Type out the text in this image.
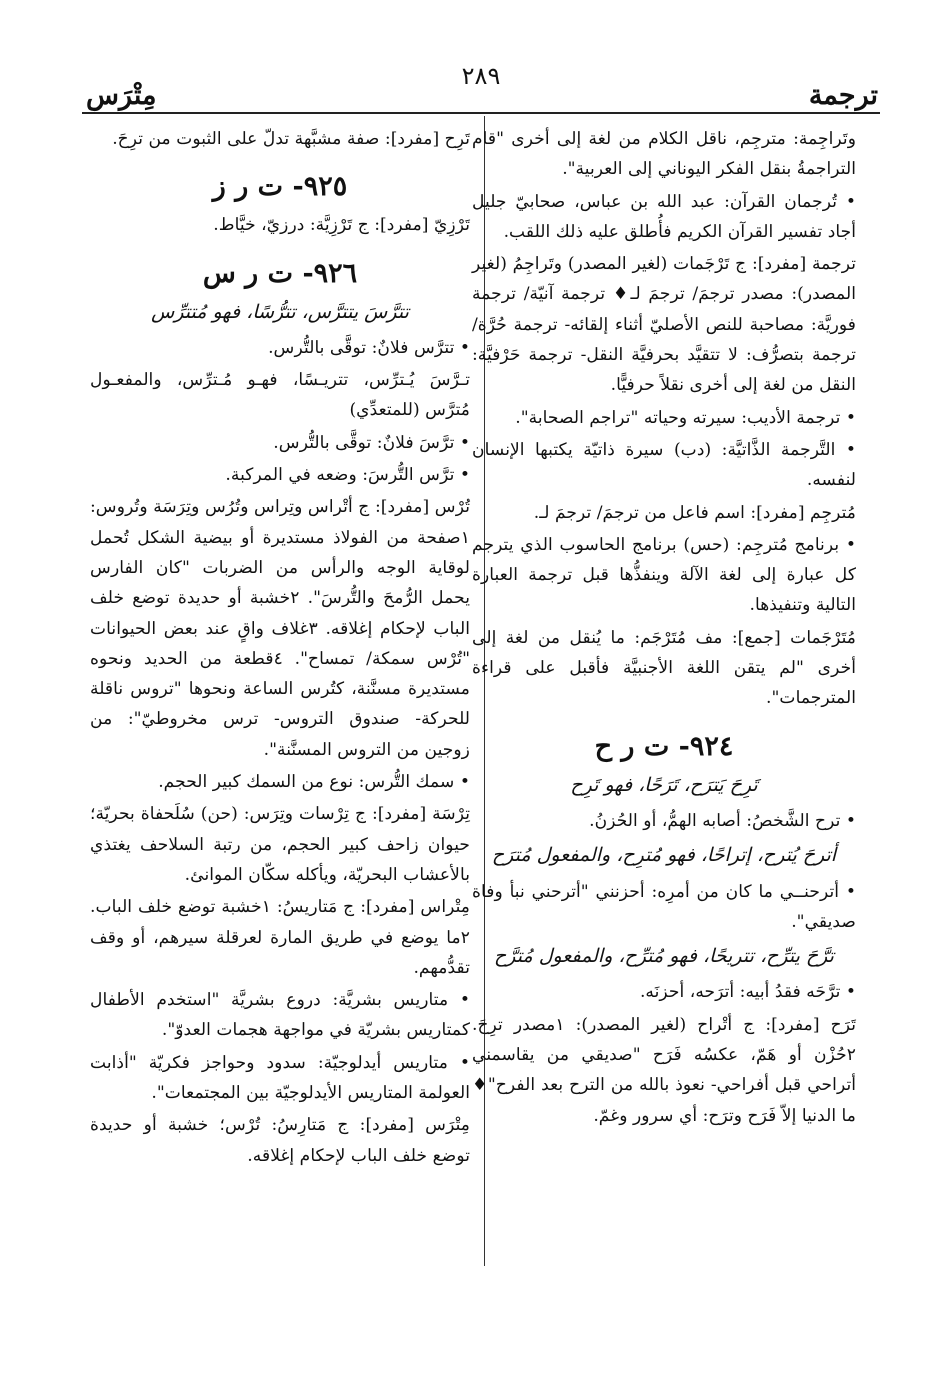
ترجمة
٢٨٩
مِتْرَس
وتَراجِمة: مترجِم، ناقل الكلام من لغة إلى أخرى "قام التراجمةُ بنقل الفكر اليوناني إلى العربية".
• تُرجمان القرآن: عبد الله بن عباس، صحابيّ جليل أجاد تفسير القرآن الكريم فأُطلق عليه ذلك اللقب.
ترجمة [مفرد]: ج تَرْجَمات (لغير المصدر) وتَراجِمُ (لغير المصدر): مصدر ترجمَ/ ترجمَ لـ♦ ترجمة آنيّة/ ترجمة فوريَّة: مصاحبة للنص الأصليّ أثناء إلقائه- ترجمة حُرَّة/ ترجمة بتصرُّف: لا تتقيَّد بحرفيَّة النقل- ترجمة حَرْفيَّة: النقل من لغة إلى أخرى نقلاً حرفيًّا.
• ترجمة الأديب: سيرته وحياته "تراجم الصحابة".
• التَّرجمة الذَّاتيَّة: (دب) سيرة ذاتيّة يكتبها الإنسان لنفسه.
مُترجِم [مفرد]: اسم فاعل من ترجمَ/ ترجمَ لـ.
• برنامج مُترجِم: (حس) برنامج الحاسوب الذي يترجم كل عبارة إلى لغة الآلة وينفذُّها قبل ترجمة العبارة التالية وتنفيذها.
مُتَرْجَمات [جمع]: مف مُتَرْجَم: ما يُنقل من لغة إلى أخرى "لم يتقن اللغة الأجنبيَّة فأقبل على قراءة المترجمات".
٩٢٤- ت ر ح
تَرِحَ يَترَح، تَرَحًا، فهو تَرِح
• ترح الشَّخصُ: أصابه الهمُّ، أو الحُزنُ.
أترحَ يُترح، إتراحًا، فهو مُترِح، والمفعول مُترَح
• أترحنــي ما كان من أمرِه: أحزنني "أترحني نبأ وفاة صديقي".
ترَّحَ يترِّح، تتريحًا، فهو مُترِّح، والمفعول مُترَّح
• ترَّحَه فقدُ أبيه: أترَحه، أحزنَه.
تَرَح [مفرد]: ج أتْراح (لغير المصدر): ١مصدر ترِحَ. ٢حُزْن أو هَمّ، عكسُه فَرَح "صديقي من يقاسمني أتراحي قبل أفراحي- نعوذ بالله من الترح بعد الفرح"♦ ما الدنيا إلاّ فَرَح وترَح: أي سرور وغمّ.
تَرِح [مفرد]: صفة مشبَّهة تدلّ على الثبوت من ترِحَ.
٩٢٥- ت ر ز
تَرْزِيّ [مفرد]: ج تَرْزِيَّة: درزيّ، خيَّاط.
٩٢٦- ت ر س
تترَّسَ يتترَّس، تترُّسًا، فهو مُتترِّس
• تترَّس فلانٌ: توقَّى بالتُّرس.
تـرَّسَ يُـترِّس، تتريـسًا، فهـو مُـترِّس، والمفعـول مُترَّس (للمتعدِّي)
• ترَّسَ فلانٌ: توقَّى بالتُّرس.
• ترَّس التُّرسَ: وضعه في المركبة.
تُرْس [مفرد]: ج أتْراس وتِراس وتُرُس وتِرَسَة وتُروس: ١صفحة من الفولاذ مستديرة أو بيضية الشكل تُحمل لوقاية الوجه والرأس من الضربات "كان الفارس يحمل الرُّمحَ والتُّرسَ". ٢خشبة أو حديدة توضع خلف الباب لإحكام إغلاقه. ٣غلاف واقٍ عند بعض الحيوانات "تُرْس سمكة/ تمساح". ٤قطعة من الحديد ونحوه مستديرة مسنَّنة، كتُرس الساعة ونحوها "تروس ناقلة للحركة- صندوق التروس- ترس مخروطيّ": من زوجين من التروس المسنَّنة".
• سمك التُّرس: نوع من السمك كبير الحجم.
تِرْسَة [مفرد]: ج تِرْسات وتِرَس: (حن) سُلَحفاة بحريّة؛ حيوان زاحف كبير الحجم، من رتبة السلاحف يغتذي بالأعشاب البحريّة، ويأكله سكّان الموانئ.
مِتْراس [مفرد]: ج مَتاريسُ: ١خشبة توضع خلف الباب. ٢ما يوضع في طريق المارة لعرقلة سيرهم، أو وقف تقدُّمهم.
• متاريس بشريَّة: دروع بشريَّة "استخدم الأطفال كمتاريس بشريّة في مواجهة هجمات العدوّ".
• متاريس أيدلوجيّة: سدود وحواجز فكريّة "أذابت العولمة المتاريس الأيدلوجيّة بين المجتمعات".
مِتْرَس [مفرد]: ج مَتارِسُ: تُرْس؛ خشبة أو حديدة توضع خلف الباب لإحكام إغلاقه.
